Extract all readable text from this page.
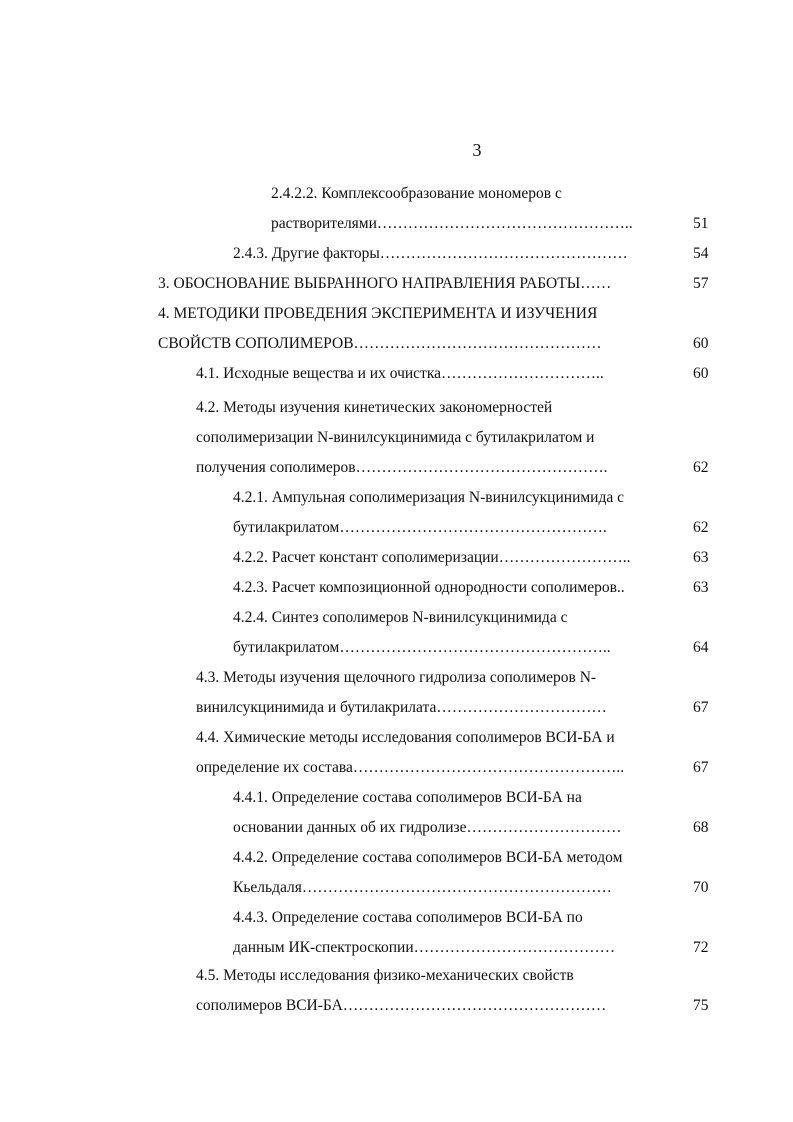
3
2.4.2.2. Комплексообразование мономеров с
растворителями…………………………………………..	51
2.4.3. Другие факторы…………………………………………	54
3. ОБОСНОВАНИЕ ВЫБРАННОГО НАПРАВЛЕНИЯ РАБОТЫ……	57
4. МЕТОДИКИ ПРОВЕДЕНИЯ ЭКСПЕРИМЕНТА И ИЗУЧЕНИЯ
СВОЙСТВ СОПОЛИМЕРОВ…………………………………………	60
4.1. Исходные вещества и их очистка…………………………..	60
4.2. Методы изучения кинетических закономерностей
сополимеризации N-винилсукцинимида с бутилакрилатом и
получения сополимеров………………………………………….	62
4.2.1. Ампульная сополимеризация N-винилсукцинимида с
бутилакрилатом…………………………………………….	62
4.2.2. Расчет констант сополимеризации……………………..	63
4.2.3. Расчет композиционной однородности сополимеров..	63
4.2.4. Синтез сополимеров N-винилсукцинимида с
бутилакрилатом……………………………………………..	64
4.3. Методы изучения щелочного гидролиза сополимеров N-
винилсукцинимида и бутилакрилата……………………………	67
4.4. Химические методы исследования сополимеров ВСИ-БА и
определение их состава……………………………………………..	67
4.4.1. Определение состава сополимеров ВСИ-БА на
основании данных об их гидролизе…………………………	68
4.4.2. Определение состава сополимеров ВСИ-БА методом
Кьельдаля……………………………………………………	70
4.4.3. Определение состава сополимеров ВСИ-БА по
данным ИК-спектроскопии…………………………………	72
4.5. Методы исследования физико-механических свойств
сополимеров ВСИ-БА……………………………………………	75
